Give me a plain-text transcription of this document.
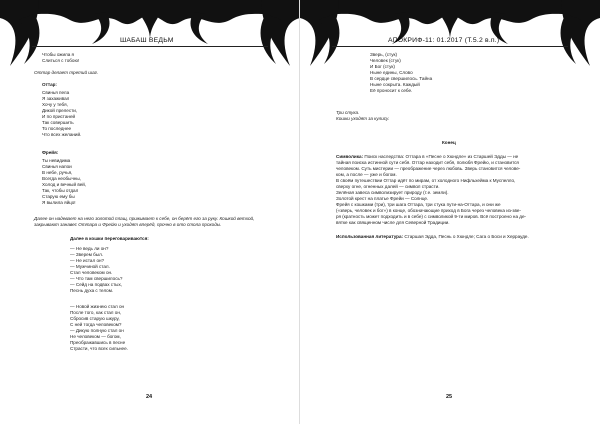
ШАБАШ ВЕДЬМ
Чтобы ожила я
Слиться с тобою!
Оттар делает третий шаг.
Оттар:
Свинья пела
Я захаживал
Хочу у тебя,
Дикой прелести,
И по пристаней
Так совершить
То последнее
Что всех желаний.
Фрейя:
Ты невидима
Свинья напои
В небе, ручья,
Всегда необычны,
Холод и вечный вей,
Так, чтобы отдал
Старую ему бы
Я вылила яйцо!
Далее он надевает на него золотой плащ, прижимает к себе, он берёт его за руку. Кошкой ветхой, закрывают занавес Оттара и Фрейю и уходят вперёд, прочно в ото стола проходы.
Далее в кошки переговариваются:
— Не ведь ли он?
— Зверем был.
— Не истал он?
— Мужчиной стал.
Стал человеком он.
— Что там свершилось?
— Сейд на подвах стых,
Песнь духа с телом.
— Новой жизнею стал он
После того, как стал он,
Сбросив старую шкуру,
С ней тогда человеком?
— Дикую полную стал он
Не человеком — богом,
Преображавшись в песне
Страсти, что всех сильнее.
24
АПОКРИФ-11: 01.2017 (Т.5.2 в.п.)
Зверь, (стук)
Человек (стук)
И Бог (стук)
Ныне едины, Слово
В сердце свершилось. Тайна
Ныне сокрыта. Каждый
Её проносит к себе.
Три стука.
Кошки уходят за кулису.
Конец
Символика: Поиск наследства: Оттара в «Песне о Хюндле» из Старшей Эдды — не
тайная поиска истинной сути себя. Оттар находит себя, полюбя Фрейю, и становится
человеком. Суть мистерии — преображение через любовь. Зверь становится челове-
ком, а после — уже и богом.
В своём путешествии Оттар идёт по мирам, от холодного Нифльхейма к Муспелло,
сверху огне, огненных далей — символ страсти.
Зелёная завеса символизирует природу (т.е. земли).
Золотой крест на платье Фрейи — Солнце.
Фрейя с кошками (три), три шага Оттара, три стука пути-на-Оттара, и они же
(«зверь, человек и бог») в конце, обозначающие приход в Бога через человека из-зве-
ря (кратность может подходить и в себе) с символикой 9-ти миров. Всё построено на де-
вятке как священном числе для Северной Традиции.
Использованная литература: Старшая Эдда, Песнь о Хюндле; Сага о Боси и Херрауде.
25
